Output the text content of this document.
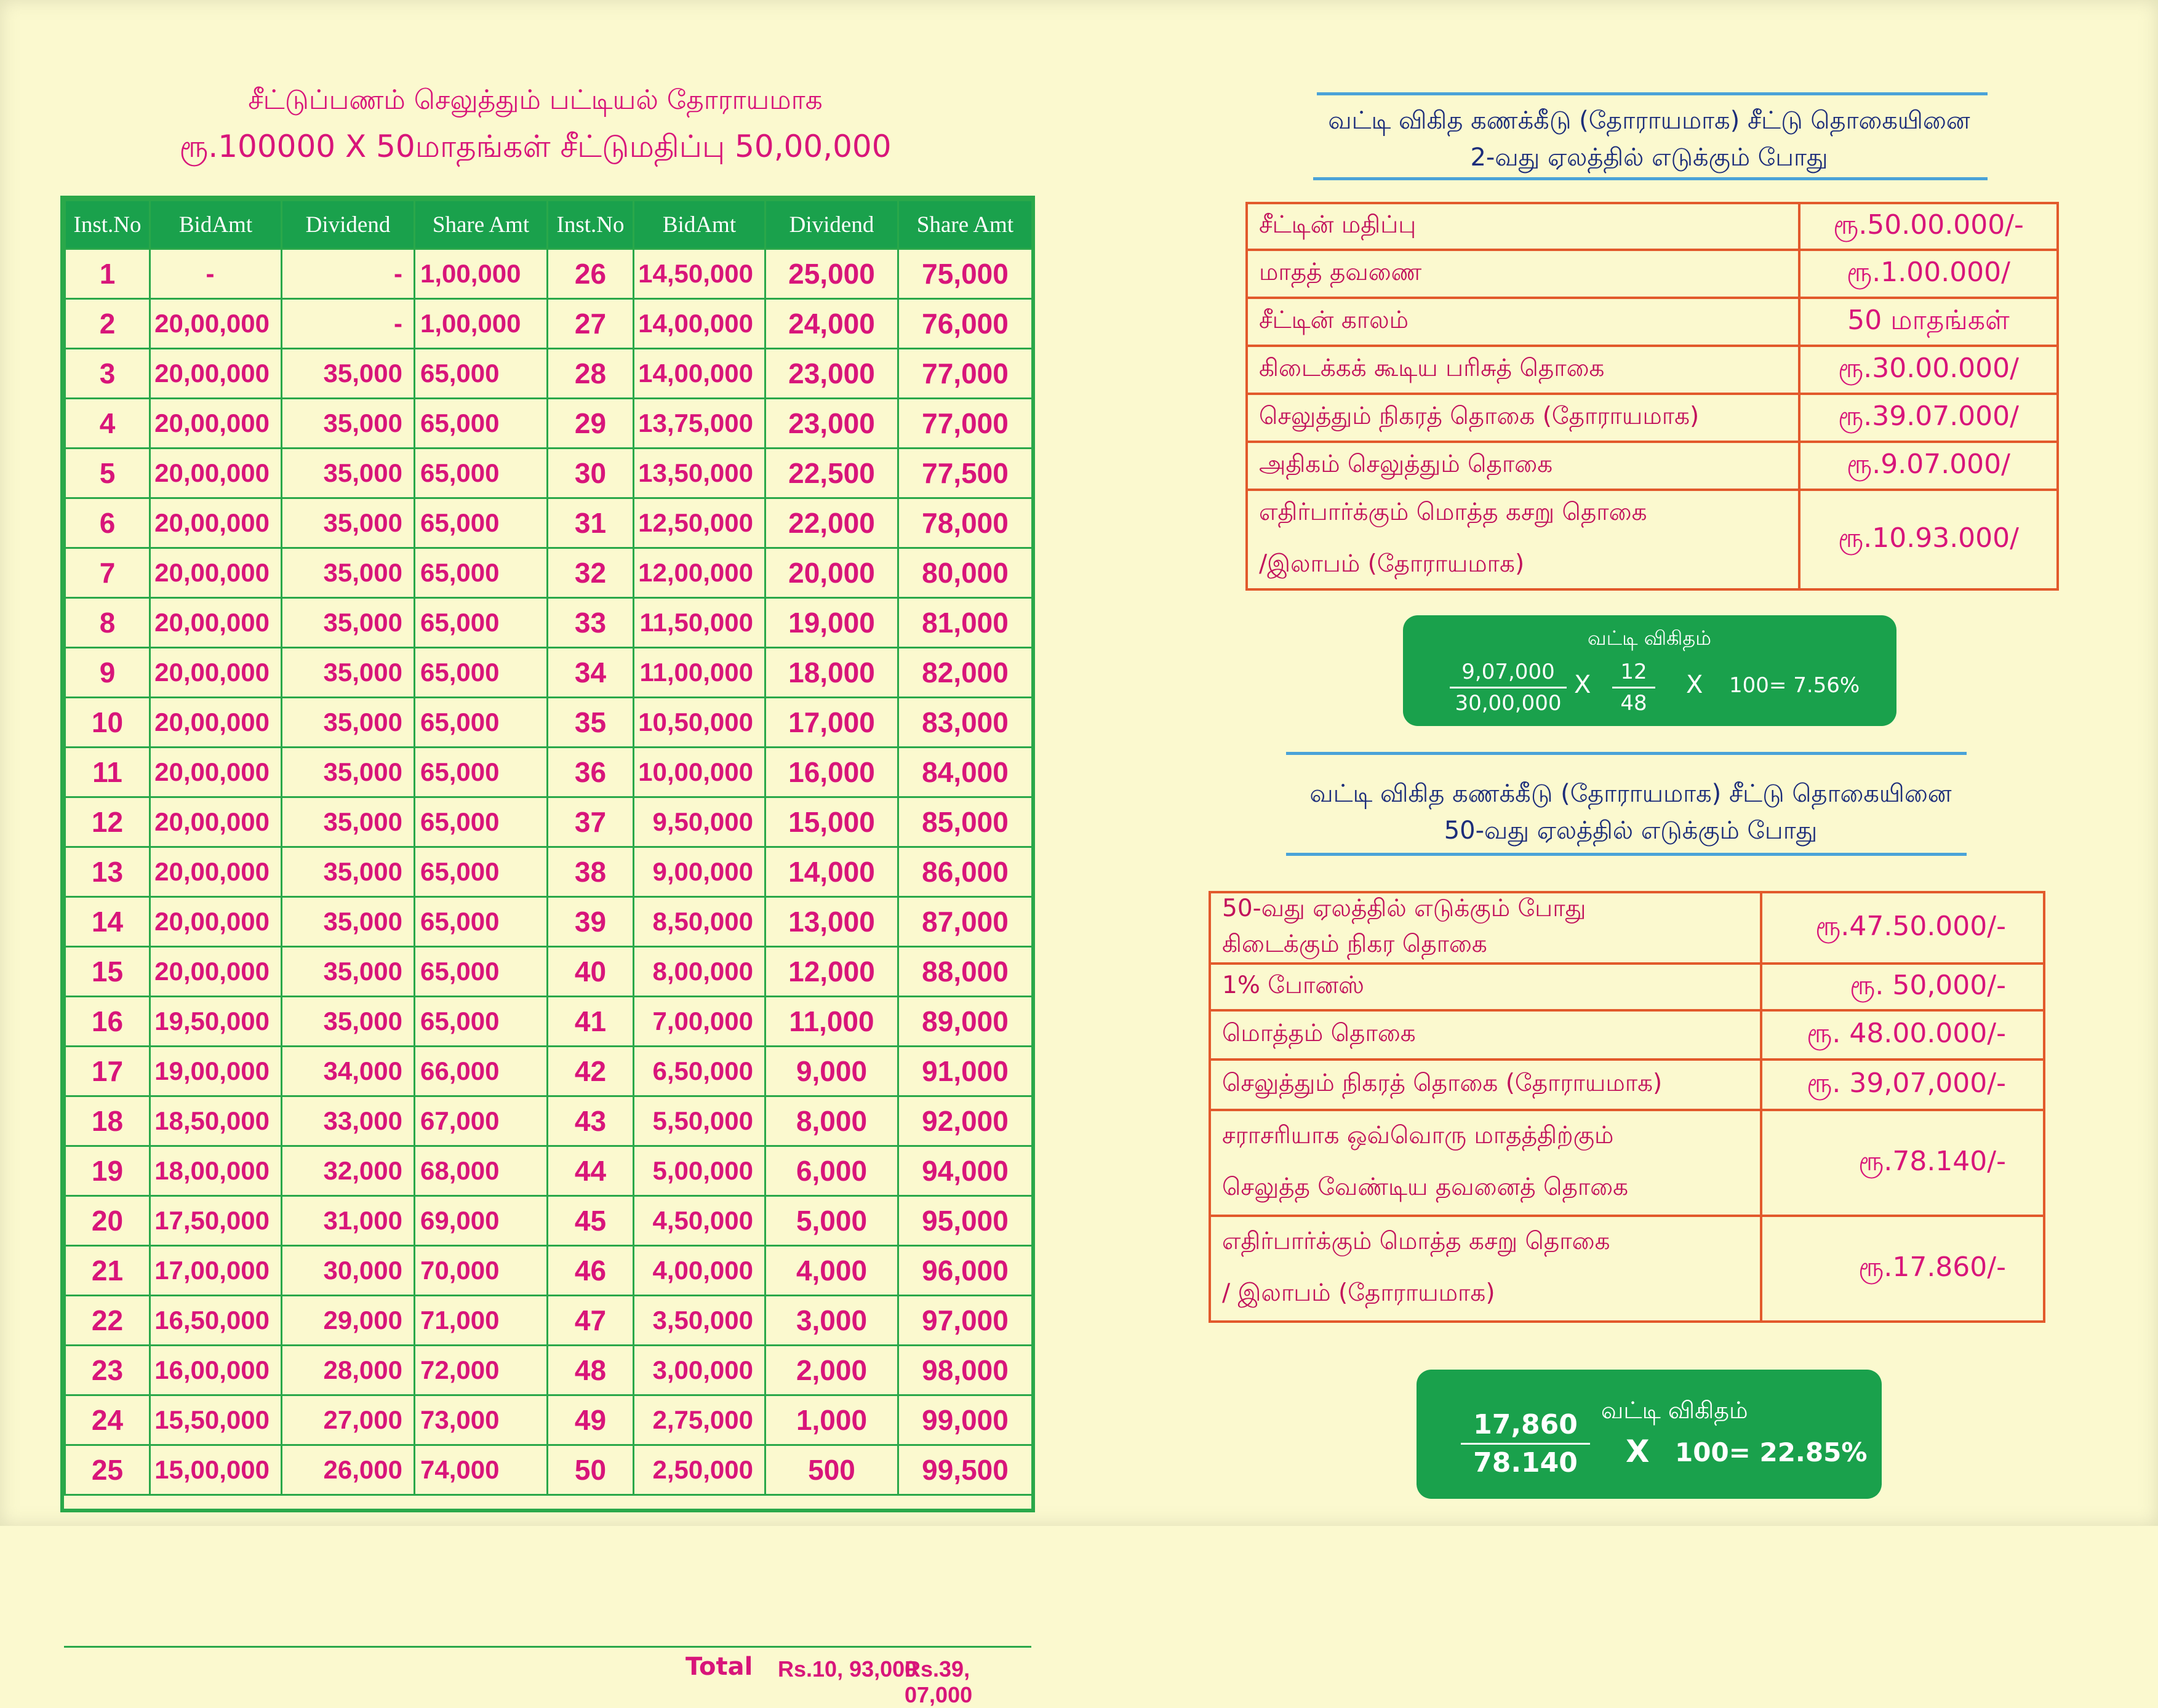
சீட்டுப்பணம் செலுத்தும் பட்டியல் தோராயமாக
ரூ.100000 X 50மாதங்கள் சீட்டுமதிப்பு 50,00,000
Inst.No	BidAmt	Dividend	Share Amt	Inst.No	BidAmt	Dividend	Share Amt
1	-	-	1,00,000	26	14,50,000	25,000	75,000
2	20,00,000	-	1,00,000	27	14,00,000	24,000	76,000
3	20,00,000	35,000	65,000	28	14,00,000	23,000	77,000
4	20,00,000	35,000	65,000	29	13,75,000	23,000	77,000
5	20,00,000	35,000	65,000	30	13,50,000	22,500	77,500
6	20,00,000	35,000	65,000	31	12,50,000	22,000	78,000
7	20,00,000	35,000	65,000	32	12,00,000	20,000	80,000
8	20,00,000	35,000	65,000	33	11,50,000	19,000	81,000
9	20,00,000	35,000	65,000	34	11,00,000	18,000	82,000
10	20,00,000	35,000	65,000	35	10,50,000	17,000	83,000
11	20,00,000	35,000	65,000	36	10,00,000	16,000	84,000
12	20,00,000	35,000	65,000	37	9,50,000	15,000	85,000
13	20,00,000	35,000	65,000	38	9,00,000	14,000	86,000
14	20,00,000	35,000	65,000	39	8,50,000	13,000	87,000
15	20,00,000	35,000	65,000	40	8,00,000	12,000	88,000
16	19,50,000	35,000	65,000	41	7,00,000	11,000	89,000
17	19,00,000	34,000	66,000	42	6,50,000	9,000	91,000
18	18,50,000	33,000	67,000	43	5,50,000	8,000	92,000
19	18,00,000	32,000	68,000	44	5,00,000	6,000	94,000
20	17,50,000	31,000	69,000	45	4,50,000	5,000	95,000
21	17,00,000	30,000	70,000	46	4,00,000	4,000	96,000
22	16,50,000	29,000	71,000	47	3,50,000	3,000	97,000
23	16,00,000	28,000	72,000	48	3,00,000	2,000	98,000
24	15,50,000	27,000	73,000	49	2,75,000	1,000	99,000
25	15,00,000	26,000	74,000	50	2,50,000	500	99,500
Total Rs.10, 93,000
Rs.39, 07,000
வட்டி விகித கணக்கீடு (தோராயமாக) சீட்டு தொகையினை
2-வது ஏலத்தில் எடுக்கும் போது
சீட்டின் மதிப்பு	ரூ.50.00.000/-

மாதத் தவணை	ரூ.1.00.000/

சீட்டின் காலம்	50 மாதங்கள்

கிடைக்கக் கூடிய பரிசுத் தொகை	ரூ.30.00.000/

செலுத்தும் நிகரத் தொகை (தோராயமாக)	ரூ.39.07.000/

அதிகம் செலுத்தும் தொகை	ரூ.9.07.000/

எதிர்பார்க்கும் மொத்த கசறு தொகை
/இலாபம் (தோராயமாக)	ரூ.10.93.000/
வட்டி விகிதம்
9,07,000
30,00,000
X	12
48
X 100= 7.56%
வட்டி விகித கணக்கீடு (தோராயமாக) சீட்டு தொகையினை
50-வது ஏலத்தில் எடுக்கும் போது
50-வது ஏலத்தில் எடுக்கும் போது
கிடைக்கும் நிகர தொகை	ரூ.47.50.000/-

1% போனஸ்	ரூ. 50,000/-

மொத்தம் தொகை	ரூ. 48.00.000/-

செலுத்தும் நிகரத் தொகை (தோராயமாக)	ரூ. 39,07,000/-

சராசரியாக ஒவ்வொரு மாதத்திற்கும்
செலுத்த வேண்டிய தவனைத் தொகை	ரூ.78.140/-

எதிர்பார்க்கும் மொத்த கசறு தொகை
/ இலாபம் (தோராயமாக)	ரூ.17.860/-
17,860
78.140
வட்டி விகிதம்
X 100= 22.85%
